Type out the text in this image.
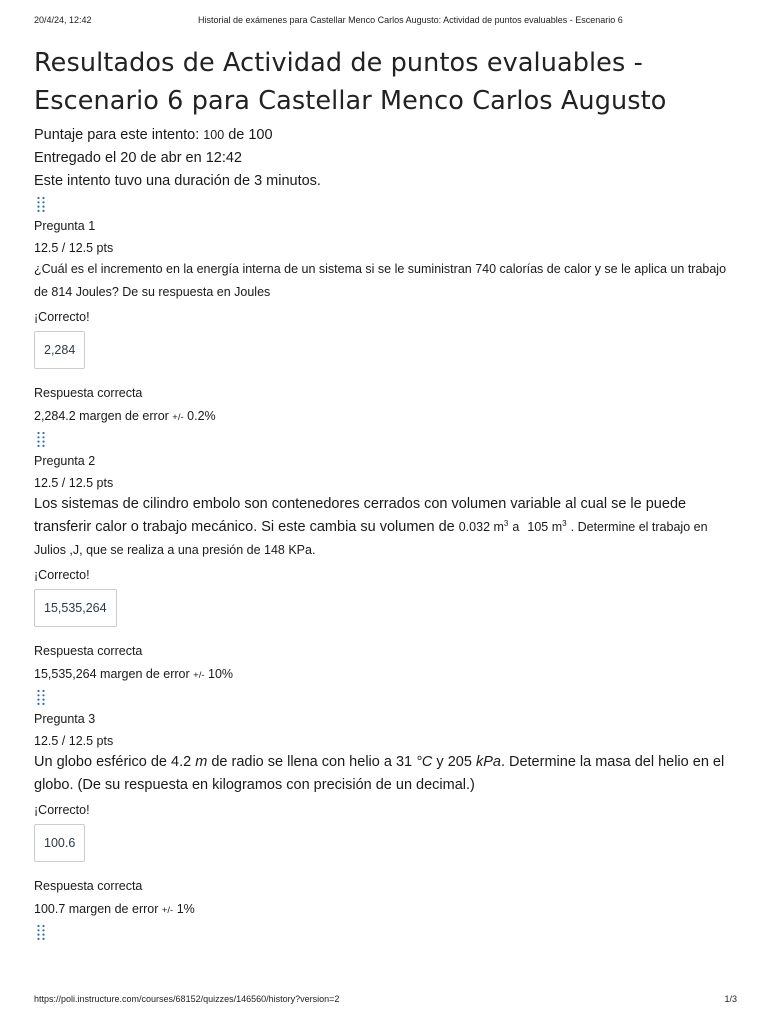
20/4/24, 12:42	Historial de exámenes para Castellar Menco Carlos Augusto: Actividad de puntos evaluables - Escenario 6
Resultados de Actividad de puntos evaluables -
Escenario 6 para Castellar Menco Carlos Augusto
Puntaje para este intento: 100 de 100
Entregado el 20 de abr en 12:42
Este intento tuvo una duración de 3 minutos.
Pregunta 1
12.5 / 12.5 pts
¿Cuál es el incremento en la energía interna de un sistema si se le suministran 740 calorías de calor y se le aplica un trabajo de 814 Joules? De su respuesta en Joules
¡Correcto!
2,284
Respuesta correcta
2,284.2 margen de error +/- 0.2%
Pregunta 2
12.5 / 12.5 pts
Los sistemas de cilindro embolo son contenedores cerrados con volumen variable al cual se le puede transferir calor o trabajo mecánico. Si este cambia su volumen de 0.032 $m^3$ a 105 $m^3$ . Determine el trabajo en Julios ,J, que se realiza a una presión de 148 KPa.
¡Correcto!
15,535,264
Respuesta correcta
15,535,264 margen de error +/- 10%
Pregunta 3
12.5 / 12.5 pts
Un globo esférico de 4.2 m de radio se llena con helio a 31 °C y 205 kPa. Determine la masa del helio en el globo. (De su respuesta en kilogramos con precisión de un decimal.)
¡Correcto!
100.6
Respuesta correcta
100.7 margen de error +/- 1%
https://poli.instructure.com/courses/68152/quizzes/146560/history?version=2	1/3
